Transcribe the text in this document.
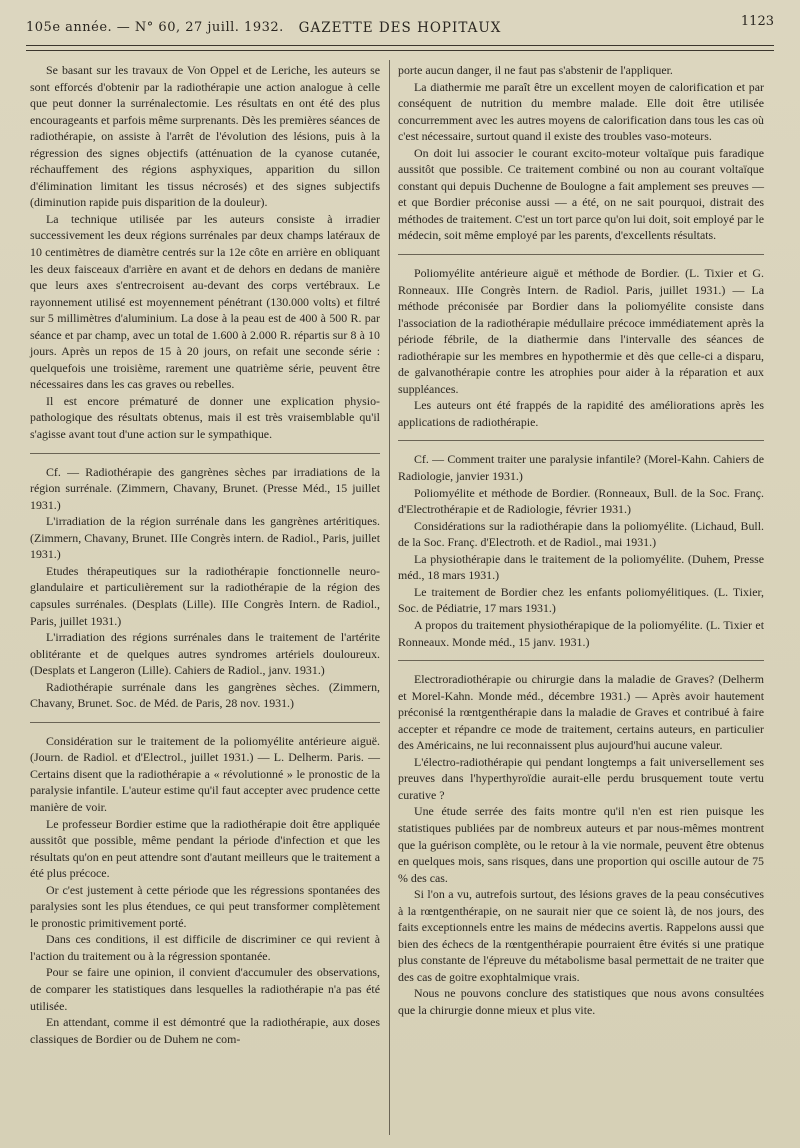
105e année. — N° 60, 27 juill. 1932.	GAZETTE DES HOPITAUX	1123

Se basant sur les travaux de Von Oppel et de Leriche, les auteurs se sont efforcés d'obtenir par la radiothérapie une action analogue à celle que peut donner la surrénalectomie. Les résultats en ont été des plus encourageants et parfois même surprenants. Dès les premières séances de radiothérapie, on assiste à l'arrêt de l'évolution des lésions, puis à la régression des signes objectifs (atténuation de la cyanose cutanée, réchauffement des régions asphyxiques, apparition du sillon d'élimination limitant les tissus nécrosés) et des signes subjectifs (diminution rapide puis disparition de la douleur).

La technique utilisée par les auteurs consiste à irradier successivement les deux régions surrénales par deux champs latéraux de 10 centimètres de diamètre centrés sur la 12e côte en arrière en obliquant les deux faisceaux d'arrière en avant et de dehors en dedans de manière que leurs axes s'entrecroisent au-devant des corps vertébraux. Le rayonnement utilisé est moyennement pénétrant (130.000 volts) et filtré sur 5 millimètres d'aluminium. La dose à la peau est de 400 à 500 R. par séance et par champ, avec un total de 1.600 à 2.000 R. répartis sur 8 à 10 jours. Après un repos de 15 à 20 jours, on refait une seconde série : quelquefois une troisième, rarement une quatrième série, peuvent être nécessaires dans les cas graves ou rebelles.

Il est encore prématuré de donner une explication physio-pathologique des résultats obtenus, mais il est très vraisemblable qu'il s'agisse avant tout d'une action sur le sympathique.

Cf. — Radiothérapie des gangrènes sèches par irradiations de la région surrénale. (Zimmern, Chavany, Brunet. (Presse Méd., 15 juillet 1931.)

L'irradiation de la région surrénale dans les gangrènes artéritiques. (Zimmern, Chavany, Brunet. IIIe Congrès intern. de Radiol., Paris, juillet 1931.)

Etudes thérapeutiques sur la radiothérapie fonctionnelle neuro-glandulaire et particulièrement sur la radiothérapie de la région des capsules surrénales. (Desplats (Lille). IIIe Congrès Intern. de Radiol., Paris, juillet 1931.)

L'irradiation des régions surrénales dans le traitement de l'artérite oblitérante et de quelques autres syndromes artériels douloureux. (Desplats et Langeron (Lille). Cahiers de Radiol., janv. 1931.)

Radiothérapie surrénale dans les gangrènes sèches. (Zimmern, Chavany, Brunet. Soc. de Méd. de Paris, 28 nov. 1931.)

Considération sur le traitement de la poliomyélite antérieure aiguë. (Journ. de Radiol. et d'Electrol., juillet 1931.) — L. Delherm. Paris. — Certains disent que la radiothérapie a « révolutionné » le pronostic de la paralysie infantile. L'auteur estime qu'il faut accepter avec prudence cette manière de voir.

Le professeur Bordier estime que la radiothérapie doit être appliquée aussitôt que possible, même pendant la période d'infection et que les résultats qu'on en peut attendre sont d'autant meilleurs que le traitement a été plus précoce.

Or c'est justement à cette période que les régressions spontanées des paralysies sont les plus étendues, ce qui peut transformer complètement le pronostic primitivement porté.

Dans ces conditions, il est difficile de discriminer ce qui revient à l'action du traitement ou à la régression spontanée.

Pour se faire une opinion, il convient d'accumuler des observations, de comparer les statistiques dans lesquelles la radiothérapie n'a pas été utilisée.

En attendant, comme il est démontré que la radiothérapie, aux doses classiques de Bordier ou de Duhem ne com-

porte aucun danger, il ne faut pas s'abstenir de l'appliquer.

La diathermie me paraît être un excellent moyen de calorification et par conséquent de nutrition du membre malade. Elle doit être utilisée concurremment avec les autres moyens de calorification dans tous les cas où c'est nécessaire, surtout quand il existe des troubles vaso-moteurs.

On doit lui associer le courant excito-moteur voltaïque puis faradique aussitôt que possible. Ce traitement combiné ou non au courant voltaïque constant qui depuis Duchenne de Boulogne a fait amplement ses preuves — et que Bordier préconise aussi — a été, on ne sait pourquoi, distrait des méthodes de traitement. C'est un tort parce qu'on lui doit, soit employé par le médecin, soit même employé par les parents, d'excellents résultats.

Poliomyélite antérieure aiguë et méthode de Bordier. (L. Tixier et G. Ronneaux. IIIe Congrès Intern. de Radiol. Paris, juillet 1931.) — La méthode préconisée par Bordier dans la poliomyélite consiste dans l'association de la radiothérapie médullaire précoce immédiatement après la période fébrile, de la diathermie dans l'intervalle des séances de radiothérapie sur les membres en hypothermie et dès que celle-ci a disparu, de galvanothérapie contre les atrophies pour aider à la réparation et aux suppléances.

Les auteurs ont été frappés de la rapidité des améliorations après les applications de radiothérapie.

Cf. — Comment traiter une paralysie infantile? (Morel-Kahn. Cahiers de Radiologie, janvier 1931.)

Poliomyélite et méthode de Bordier. (Ronneaux, Bull. de la Soc. Franç. d'Electrothérapie et de Radiologie, février 1931.)

Considérations sur la radiothérapie dans la poliomyélite. (Lichaud, Bull. de la Soc. Franç. d'Electroth. et de Radiol., mai 1931.)

La physiothérapie dans le traitement de la poliomyélite. (Duhem, Presse méd., 18 mars 1931.)

Le traitement de Bordier chez les enfants poliomyélitiques. (L. Tixier, Soc. de Pédiatrie, 17 mars 1931.)

A propos du traitement physiothérapique de la poliomyélite. (L. Tixier et Ronneaux. Monde méd., 15 janv. 1931.)

Electroradiothérapie ou chirurgie dans la maladie de Graves? (Delherm et Morel-Kahn. Monde méd., décembre 1931.) — Après avoir hautement préconisé la rœntgenthérapie dans la maladie de Graves et contribué à faire accepter et répandre ce mode de traitement, certains auteurs, en particulier des Américains, ne lui reconnaissent plus aujourd'hui aucune valeur.

L'électro-radiothérapie qui pendant longtemps a fait universellement ses preuves dans l'hyperthyroïdie aurait-elle perdu brusquement toute vertu curative ?

Une étude serrée des faits montre qu'il n'en est rien puisque les statistiques publiées par de nombreux auteurs et par nous-mêmes montrent que la guérison complète, ou le retour à la vie normale, peuvent être obtenus en quelques mois, sans risques, dans une proportion qui oscille autour de 75 % des cas.

Si l'on a vu, autrefois surtout, des lésions graves de la peau consécutives à la rœntgenthérapie, on ne saurait nier que ce soient là, de nos jours, des faits exceptionnels entre les mains de médecins avertis. Rappelons aussi que bien des échecs de la rœntgenthérapie pourraient être évités si une pratique plus constante de l'épreuve du métabolisme basal permettait de ne traiter que des cas de goitre exophtalmique vrais.

Nous ne pouvons conclure des statistiques que nous avons consultées que la chirurgie donne mieux et plus vite.
